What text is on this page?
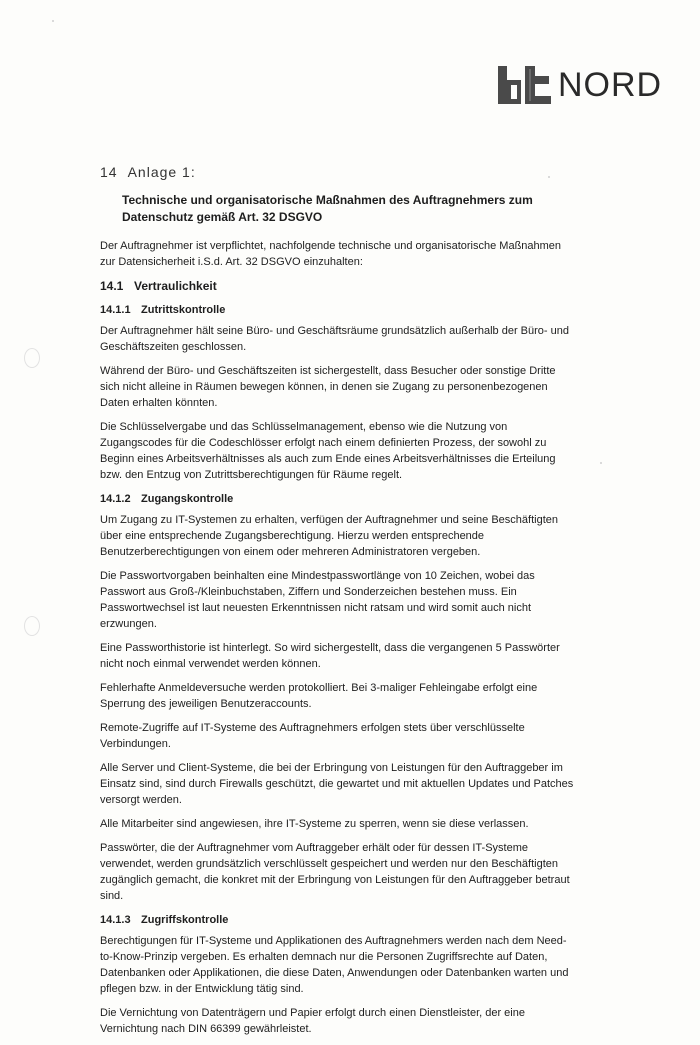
NORD
14 Anlage 1:
Technische und organisatorische Maßnahmen des Auftragnehmers zum Datenschutz gemäß Art. 32 DSGVO

Der Auftragnehmer ist verpflichtet, nachfolgende technische und organisatorische Maßnahmen zur Datensicherheit i.S.d. Art. 32 DSGVO einzuhalten:

14.1 Vertraulichkeit
14.1.1 Zutrittskontrolle

Der Auftragnehmer hält seine Büro- und Geschäftsräume grundsätzlich außerhalb der Büro- und Geschäftszeiten geschlossen.

Während der Büro- und Geschäftszeiten ist sichergestellt, dass Besucher oder sonstige Dritte sich nicht alleine in Räumen bewegen können, in denen sie Zugang zu personenbezogenen Daten erhalten könnten.

Die Schlüsselvergabe und das Schlüsselmanagement, ebenso wie die Nutzung von Zugangscodes für die Codeschlösser erfolgt nach einem definierten Prozess, der sowohl zu Beginn eines Arbeitsverhältnisses als auch zum Ende eines Arbeitsverhältnisses die Erteilung bzw. den Entzug von Zutrittsberechtigungen für Räume regelt.

14.1.2 Zugangskontrolle

Um Zugang zu IT-Systemen zu erhalten, verfügen der Auftragnehmer und seine Beschäftigten über eine entsprechende Zugangsberechtigung. Hierzu werden entsprechende Benutzerberechtigungen von einem oder mehreren Administratoren vergeben.

Die Passwortvorgaben beinhalten eine Mindestpasswortlänge von 10 Zeichen, wobei das Passwort aus Groß-/Kleinbuchstaben, Ziffern und Sonderzeichen bestehen muss. Ein Passwortwechsel ist laut neuesten Erkenntnissen nicht ratsam und wird somit auch nicht erzwungen.

Eine Passworthistorie ist hinterlegt. So wird sichergestellt, dass die vergangenen 5 Passwörter nicht noch einmal verwendet werden können.

Fehlerhafte Anmeldeversuche werden protokolliert. Bei 3-maliger Fehleingabe erfolgt eine Sperrung des jeweiligen Benutzeraccounts.

Remote-Zugriffe auf IT-Systeme des Auftragnehmers erfolgen stets über verschlüsselte Verbindungen.

Alle Server und Client-Systeme, die bei der Erbringung von Leistungen für den Auftraggeber im Einsatz sind, sind durch Firewalls geschützt, die gewartet und mit aktuellen Updates und Patches versorgt werden.

Alle Mitarbeiter sind angewiesen, ihre IT-Systeme zu sperren, wenn sie diese verlassen.

Passwörter, die der Auftragnehmer vom Auftraggeber erhält oder für dessen IT-Systeme verwendet, werden grundsätzlich verschlüsselt gespeichert und werden nur den Beschäftigten zugänglich gemacht, die konkret mit der Erbringung von Leistungen für den Auftraggeber betraut sind.

14.1.3 Zugriffskontrolle

Berechtigungen für IT-Systeme und Applikationen des Auftragnehmers werden nach dem Need-to-Know-Prinzip vergeben. Es erhalten demnach nur die Personen Zugriffsrechte auf Daten, Datenbanken oder Applikationen, die diese Daten, Anwendungen oder Datenbanken warten und pflegen bzw. in der Entwicklung tätig sind.

Die Vernichtung von Datenträgern und Papier erfolgt durch einen Dienstleister, der eine Vernichtung nach DIN 66399 gewährleistet.
